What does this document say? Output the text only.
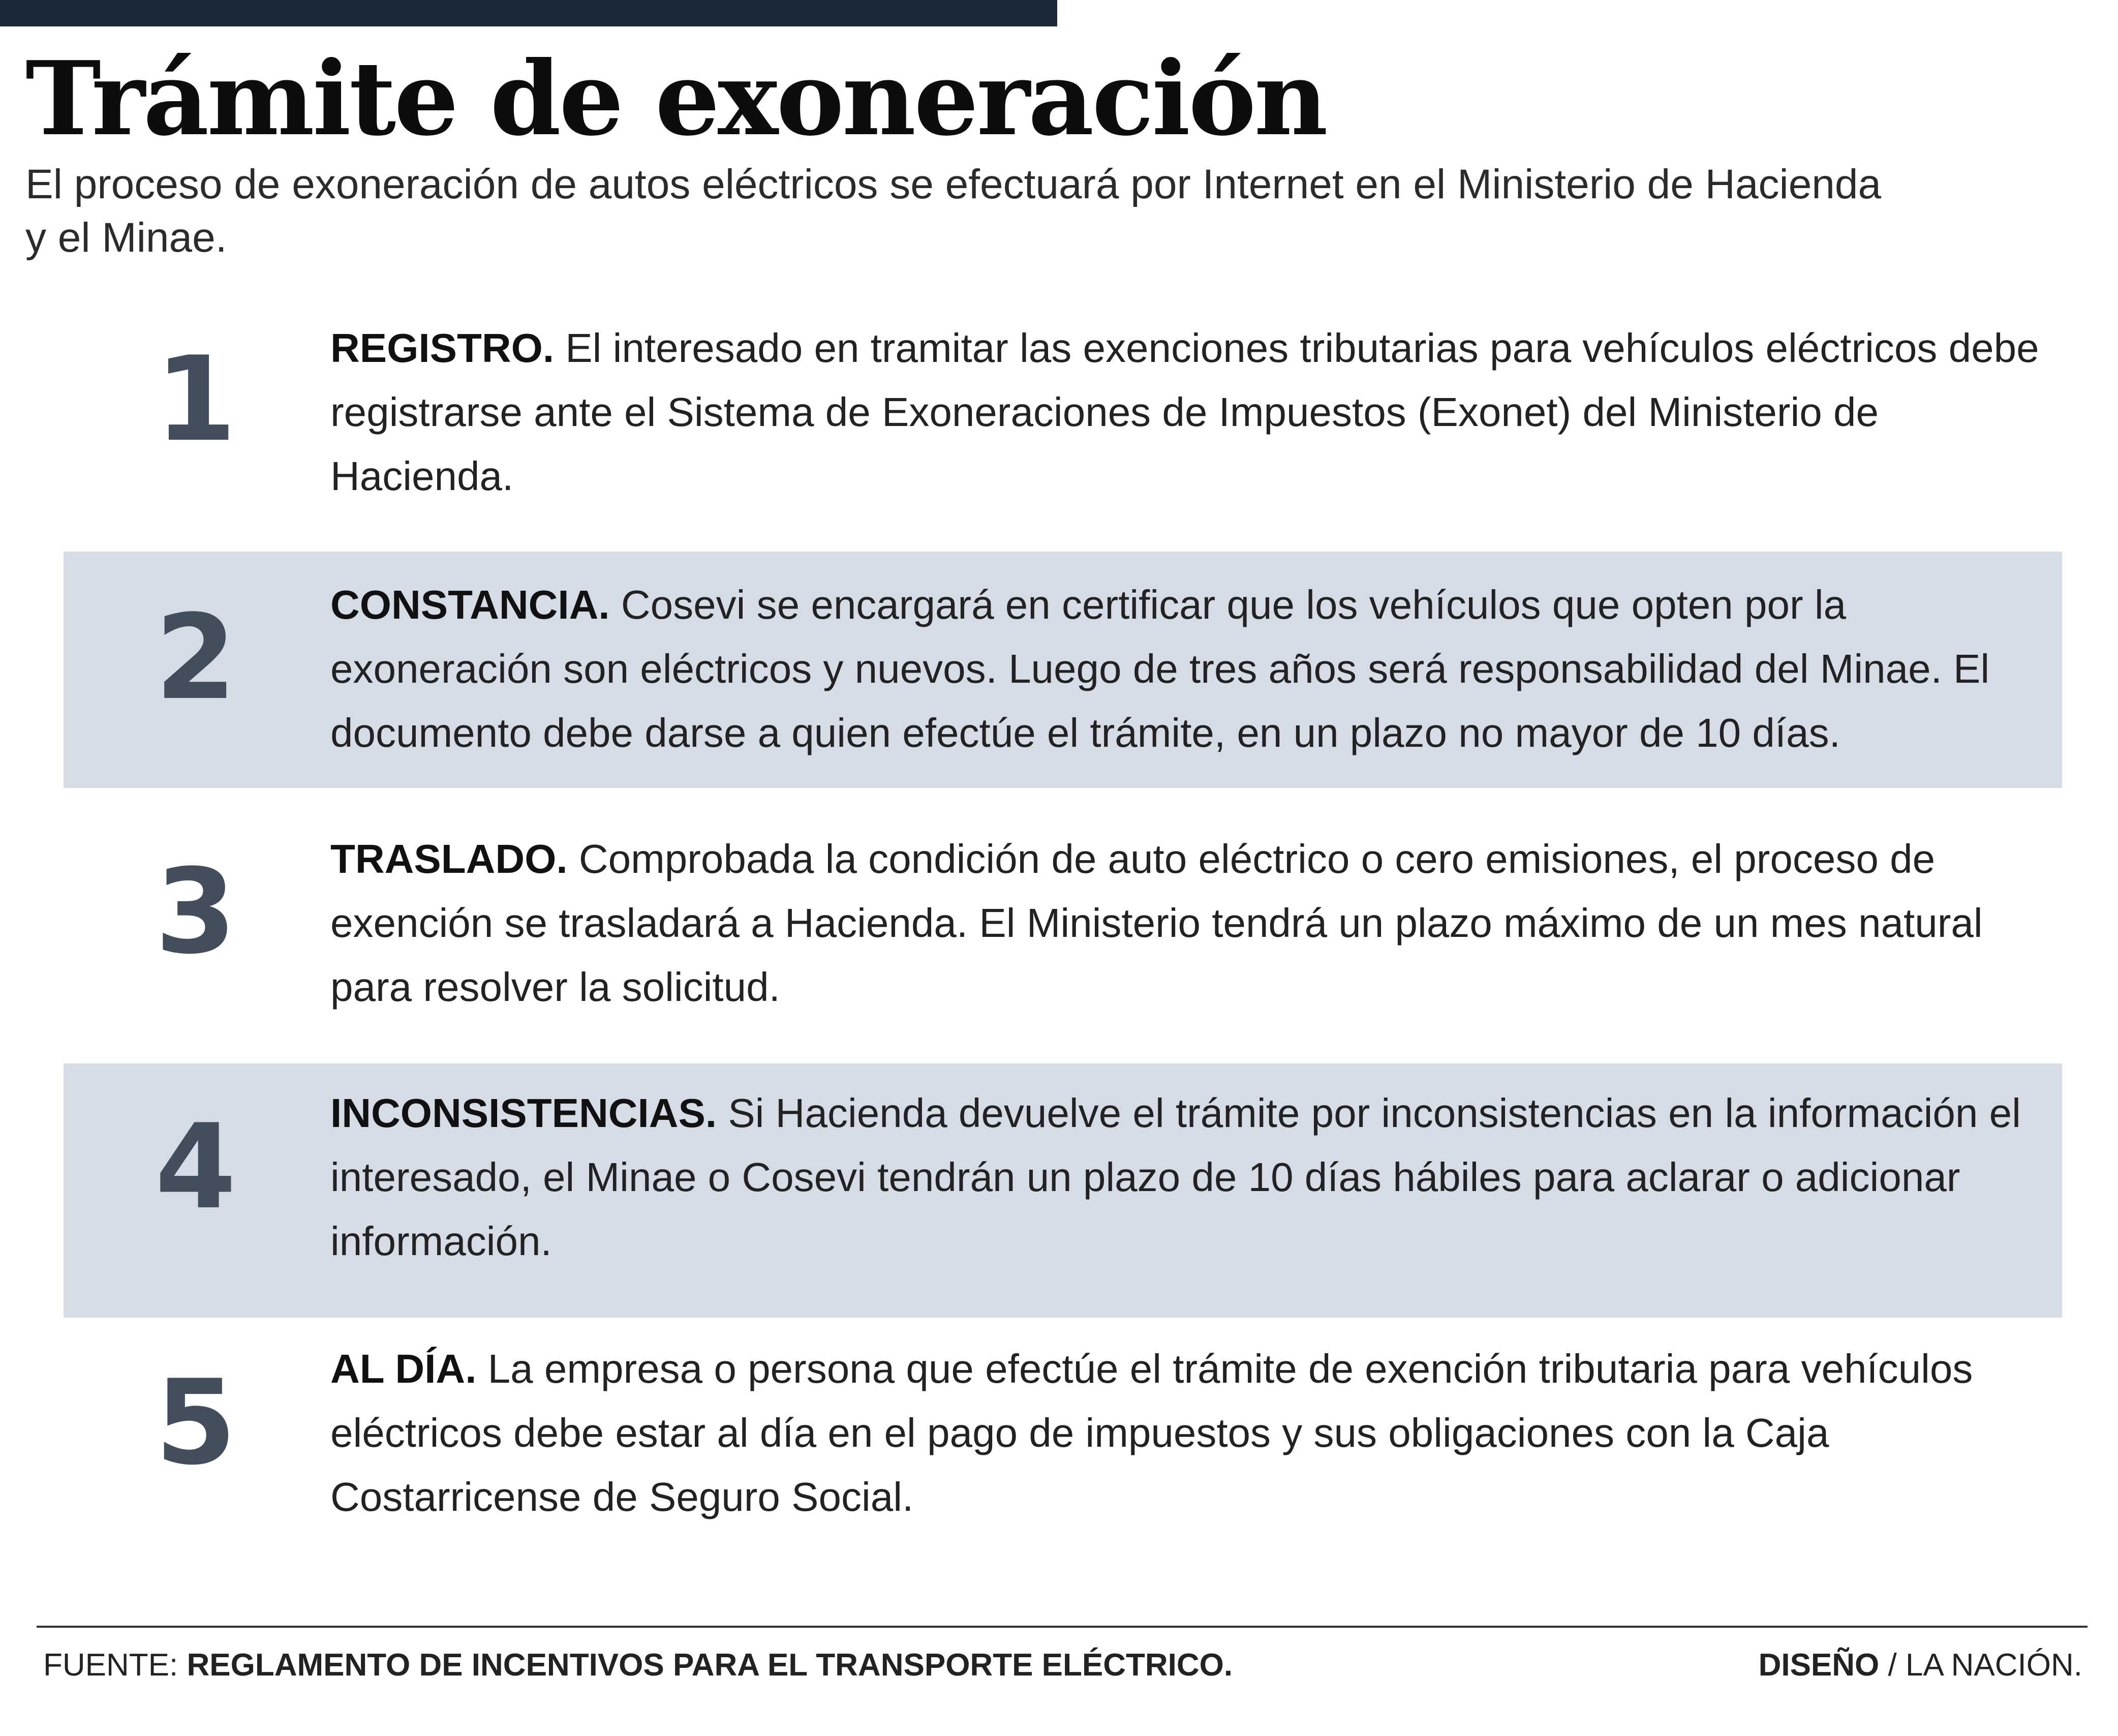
Trámite de exoneración

El proceso de exoneración de autos eléctricos se efectuará por Internet en el Ministerio de Hacienda y el Minae.

1 REGISTRO. El interesado en tramitar las exenciones tributarias para vehículos eléctricos debe registrarse ante el Sistema de Exoneraciones de Impuestos (Exonet) del Ministerio de Hacienda.
2 CONSTANCIA. Cosevi se encargará en certificar que los vehículos que opten por la exoneración son eléctricos y nuevos. Luego de tres años será responsabilidad del Minae. El documento debe darse a quien efectúe el trámite, en un plazo no mayor de 10 días.
3 TRASLADO. Comprobada la condición de auto eléctrico o cero emisiones, el proceso de exención se trasladará a Hacienda. El Ministerio tendrá un plazo máximo de un mes natural para resolver la solicitud.
4 INCONSISTENCIAS. Si Hacienda devuelve el trámite por inconsistencias en la información el interesado, el Minae o Cosevi tendrán un plazo de 10 días hábiles para aclarar o adicionar información.
5 AL DÍA. La empresa o persona que efectúe el trámite de exención tributaria para vehículos eléctricos debe estar al día en el pago de impuestos y sus obligaciones con la Caja Costarricense de Seguro Social.
FUENTE: REGLAMENTO DE INCENTIVOS PARA EL TRANSPORTE ELÉCTRICO.	DISEÑO / LA NACIÓN.
